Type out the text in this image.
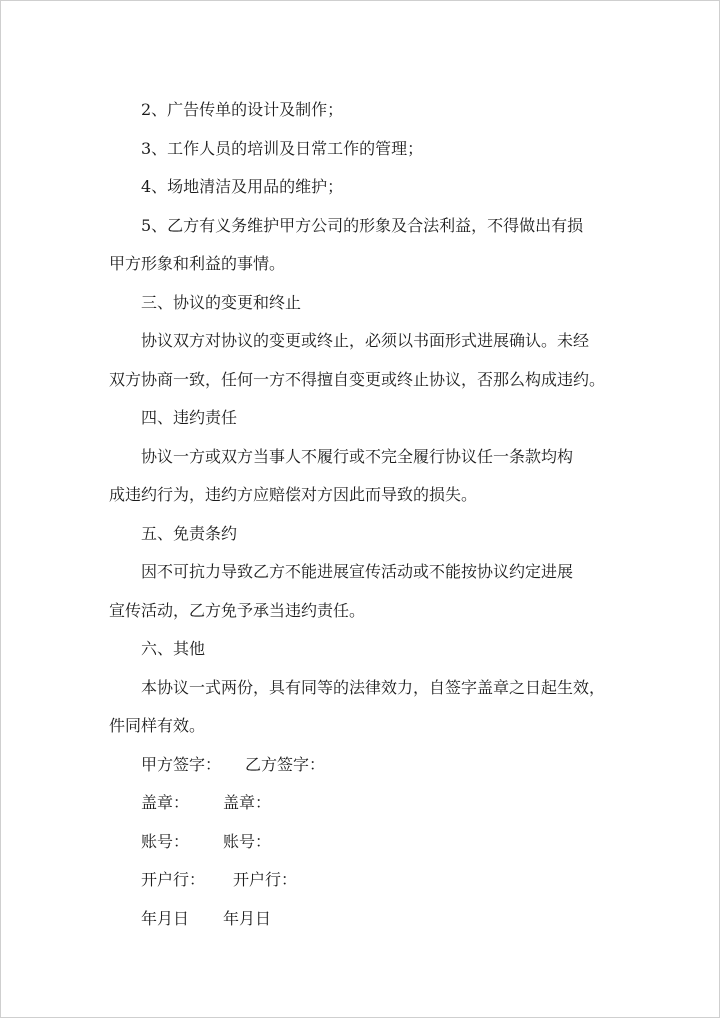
2、广告传单的设计及制作；

3、工作人员的培训及日常工作的管理；

4、场地清洁及用品的维护；

5、乙方有义务维护甲方公司的形象及合法利益，不得做出有损
甲方形象和利益的事情。

三、协议的变更和终止

协议双方对协议的变更或终止，必须以书面形式进展确认。未经
双方协商一致，任何一方不得擅自变更或终止协议，否那么构成违约。

四、违约责任

协议一方或双方当事人不履行或不完全履行协议任一条款均构
成违约行为，违约方应赔偿对方因此而导致的损失。

五、免责条约

因不可抗力导致乙方不能进展宣传活动或不能按协议约定进展
宣传活动，乙方免予承当违约责任。

六、其他

本协议一式两份，具有同等的法律效力，自签字盖章之日起生效，
件同样有效。

甲方签字： 乙方签字：

盖章： 盖章：

账号： 账号：

开户行： 开户行：

年月日 年月日
